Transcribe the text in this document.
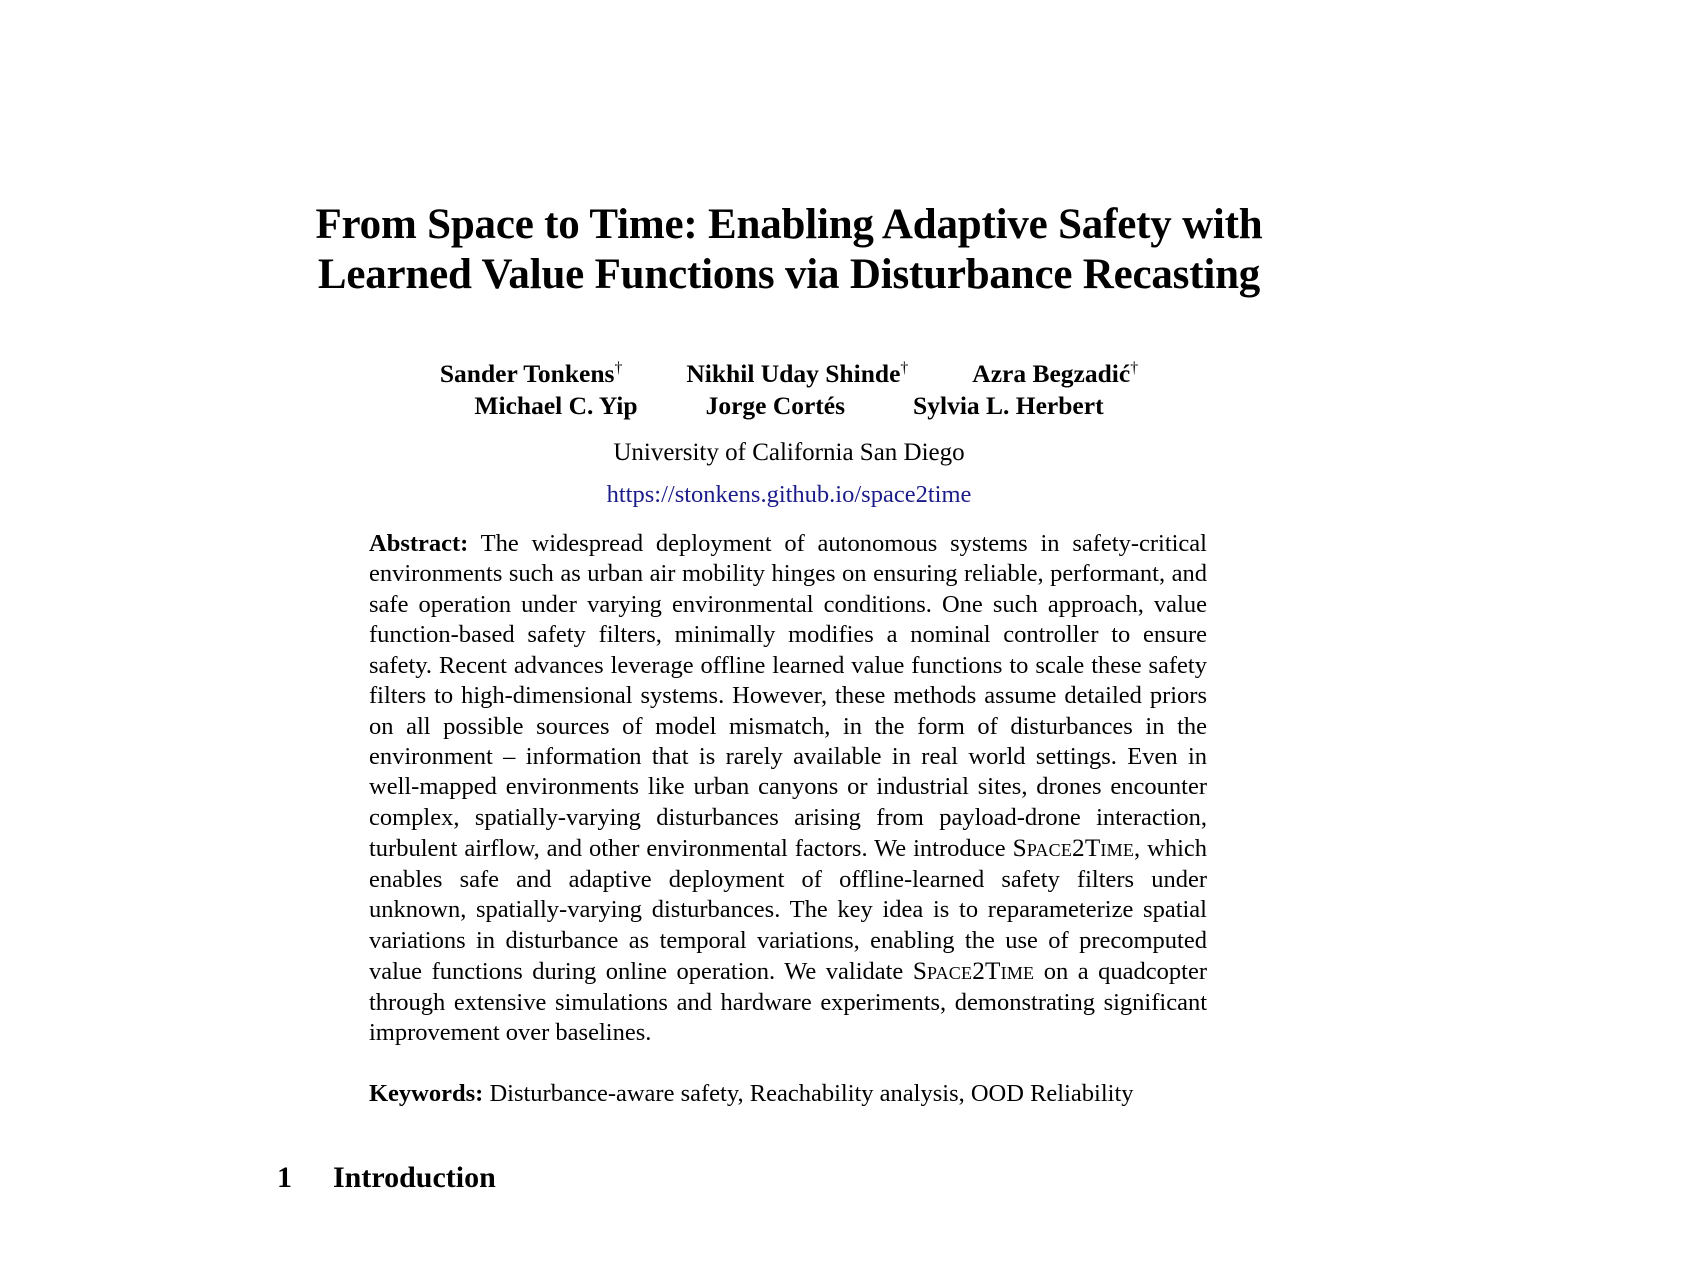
From Space to Time: Enabling Adaptive Safety with
Learned Value Functions via Disturbance Recasting
Sander Tonkens†	Nikhil Uday Shinde†	Azra Begzadić†
Michael C. Yip	Jorge Cortés	Sylvia L. Herbert
University of California San Diego
https://stonkens.github.io/space2time

Abstract: The widespread deployment of autonomous systems in safety-critical environments such as urban air mobility hinges on ensuring reliable, performant, and safe operation under varying environmental conditions. One such approach, value function-based safety filters, minimally modifies a nominal controller to ensure safety. Recent advances leverage offline learned value functions to scale these safety filters to high-dimensional systems. However, these methods assume detailed priors on all possible sources of model mismatch, in the form of disturbances in the environment – information that is rarely available in real world settings. Even in well-mapped environments like urban canyons or industrial sites, drones encounter complex, spatially-varying disturbances arising from payload-drone interaction, turbulent airflow, and other environmental factors. We introduce Space2Time, which enables safe and adaptive deployment of offline-learned safety filters under unknown, spatially-varying disturbances. The key idea is to reparameterize spatial variations in disturbance as temporal variations, enabling the use of precomputed value functions during online operation. We validate Space2Time on a quadcopter through extensive simulations and hardware experiments, demonstrating significant improvement over baselines.

Keywords: Disturbance-aware safety, Reachability analysis, OOD Reliability

1	Introduction
